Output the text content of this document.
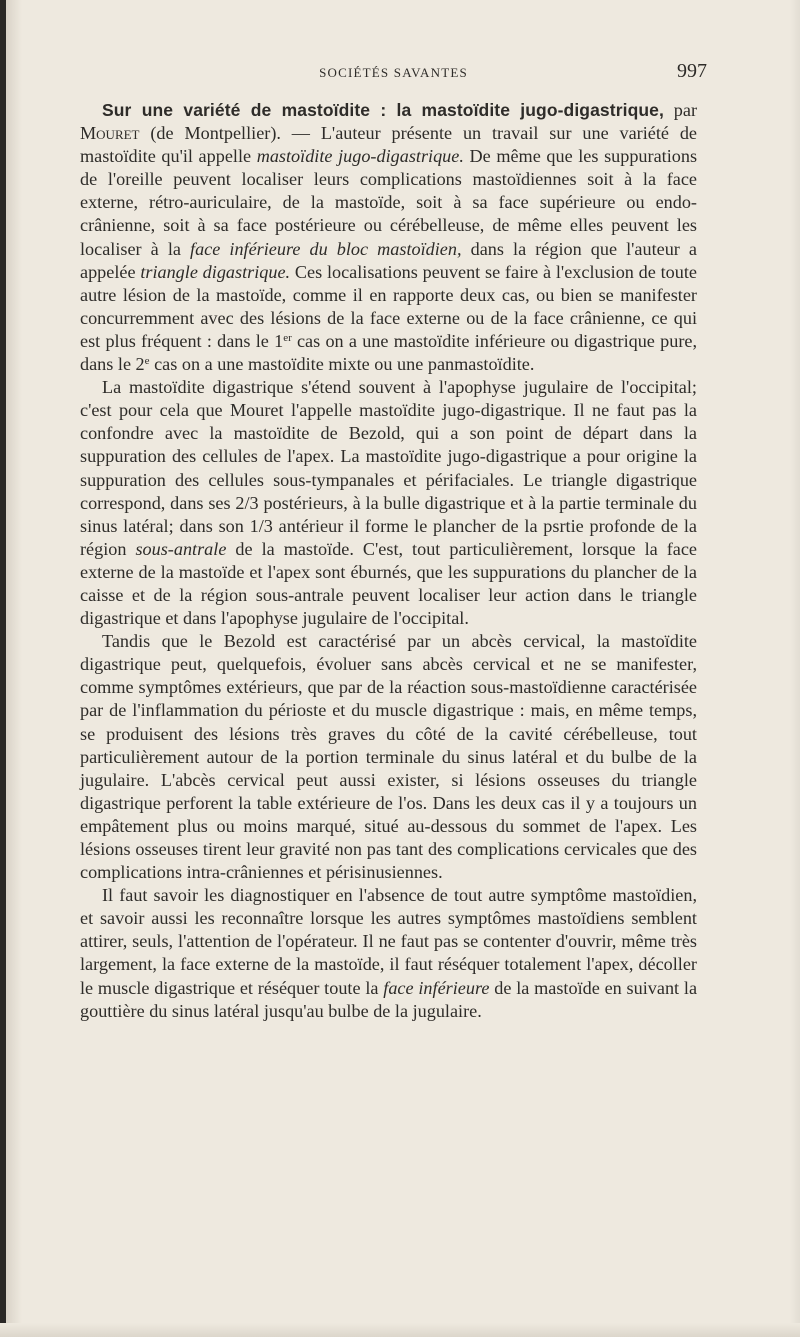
SOCIÉTÉS SAVANTES	997

Sur une variété de mastoïdite : la mastoïdite jugo-digastrique, par Mouret (de Montpellier). — L'auteur présente un travail sur une variété de mastoïdite qu'il appelle mastoïdite jugo-digastrique. De même que les suppurations de l'oreille peuvent localiser leurs complications mastoïdiennes soit à la face externe, rétro-auriculaire, de la mastoïde, soit à sa face supérieure ou endo-crânienne, soit à sa face postérieure ou cérébelleuse, de même elles peuvent les localiser à la face inférieure du bloc mastoïdien, dans la région que l'auteur a appelée triangle digastrique. Ces localisations peuvent se faire à l'exclusion de toute autre lésion de la mastoïde, comme il en rapporte deux cas, ou bien se manifester concurremment avec des lésions de la face externe ou de la face crânienne, ce qui est plus fréquent : dans le 1er cas on a une mastoïdite inférieure ou digastrique pure, dans le 2e cas on a une mastoïdite mixte ou une panmastoïdite.

La mastoïdite digastrique s'étend souvent à l'apophyse jugulaire de l'occipital; c'est pour cela que Mouret l'appelle mastoïdite jugo-digastrique. Il ne faut pas la confondre avec la mastoïdite de Bezold, qui a son point de départ dans la suppuration des cellules de l'apex. La mastoïdite jugo-digastrique a pour origine la suppuration des cellules sous-tympanales et périfaciales. Le triangle digastrique correspond, dans ses 2/3 postérieurs, à la bulle digastrique et à la partie terminale du sinus latéral; dans son 1/3 antérieur il forme le plancher de la psrtie profonde de la région sous-antrale de la mastoïde. C'est, tout particulièrement, lorsque la face externe de la mastoïde et l'apex sont éburnés, que les suppurations du plancher de la caisse et de la région sous-antrale peuvent localiser leur action dans le triangle digastrique et dans l'apophyse jugulaire de l'occipital.

Tandis que le Bezold est caractérisé par un abcès cervical, la mastoïdite digastrique peut, quelquefois, évoluer sans abcès cervical et ne se manifester, comme symptômes extérieurs, que par de la réaction sous-mastoïdienne caractérisée par de l'inflammation du périoste et du muscle digastrique : mais, en même temps, se produisent des lésions très graves du côté de la cavité cérébelleuse, tout particulièrement autour de la portion terminale du sinus latéral et du bulbe de la jugulaire. L'abcès cervical peut aussi exister, si lésions osseuses du triangle digastrique perforent la table extérieure de l'os. Dans les deux cas il y a toujours un empâtement plus ou moins marqué, situé au-dessous du sommet de l'apex. Les lésions osseuses tirent leur gravité non pas tant des complications cervicales que des complications intra-crâniennes et périsinusiennes.

Il faut savoir les diagnostiquer en l'absence de tout autre symptôme mastoïdien, et savoir aussi les reconnaître lorsque les autres symptômes mastoïdiens semblent attirer, seuls, l'attention de l'opérateur. Il ne faut pas se contenter d'ouvrir, même très largement, la face externe de la mastoïde, il faut réséquer totalement l'apex, décoller le muscle digastrique et réséquer toute la face inférieure de la mastoïde en suivant la gouttière du sinus latéral jusqu'au bulbe de la jugulaire.
